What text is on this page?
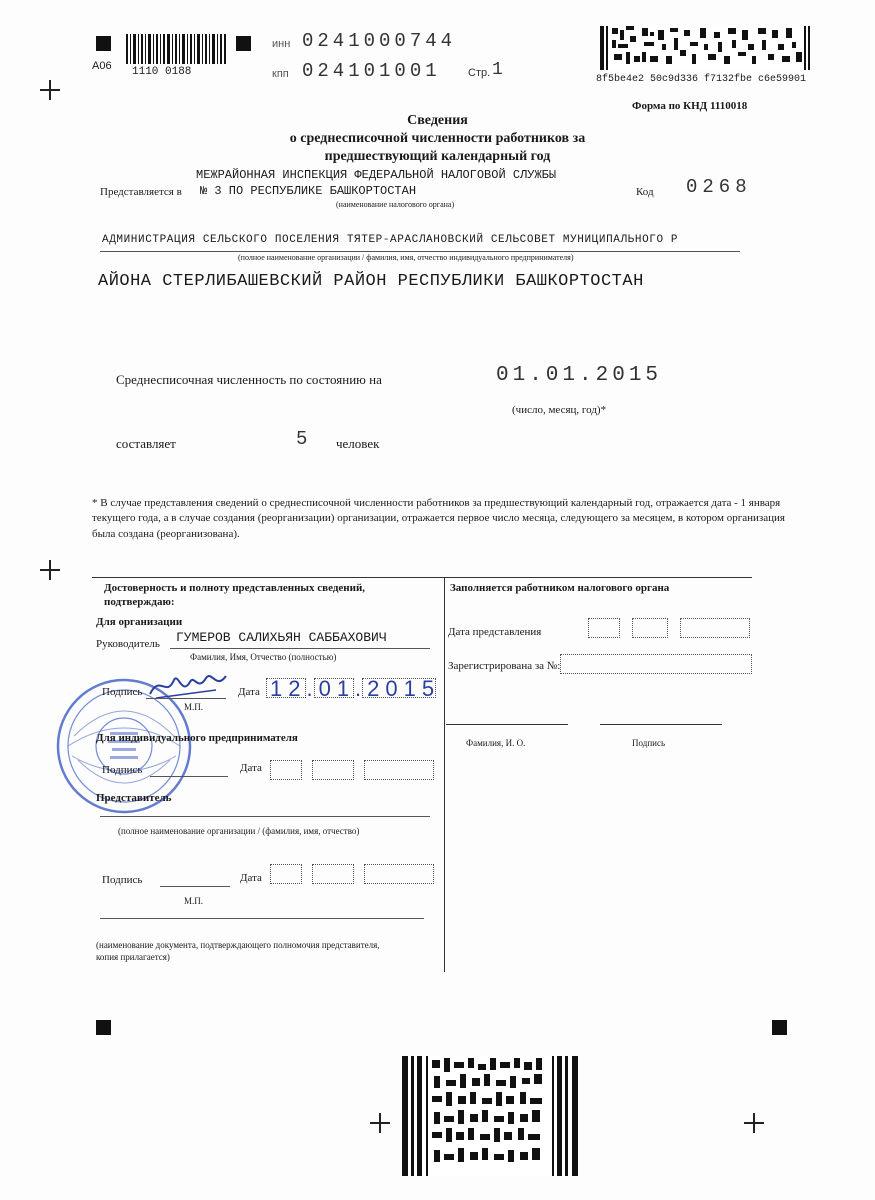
А06 1110 0188
инн 0241000744
кпп 024101001 Стр. 1	8f5be4e2 50c9d336 f7132fbe c6e59901
Форма по КНД 1110018
Сведения
о среднесписочной численности работников за
предшествующий календарный год
МЕЖРАЙОННАЯ ИНСПЕКЦИЯ ФЕДЕРАЛЬНОЙ НАЛОГОВОЙ СЛУЖБЫ
Представляется в № 3 ПО РЕСПУБЛИКЕ БАШКОРТОСТАН
(наименование налогового органа)
Код 0268
АДМИНИСТРАЦИЯ СЕЛЬСКОГО ПОСЕЛЕНИЯ ТЯТЕР-АРАСЛАНОВСКИЙ СЕЛЬСОВЕТ МУНИЦИПАЛЬНОГО Р
(полное наименование организации / фамилия, имя, отчество индивидуального предпринимателя)
АЙОНА СТЕРЛИБАШЕВСКИЙ РАЙОН РЕСПУБЛИКИ БАШКОРТОСТАН
Среднесписочная численность по состоянию на	01.01.2015
(число, месяц, год)*
составляет	5 человек
* В случае представления сведений о среднесписочной численности работников за предшествующий календарный год, отражается дата - 1 января текущего года, а в случае создания (реорганизации) организации, отражается первое число месяца, следующего за месяцем, в котором организация была создана (реорганизована).
Достоверность и полноту представленных сведений,
подтверждаю:
Для организации
Руководитель ГУМЕРОВ САЛИХЬЯН САББАХОВИЧ
Фамилия, Имя, Отчество (полностью)
Подпись
М.П.
Дата 12.01.2015
Для индивидуального предпринимателя
Подпись	Дата
Представитель
(полное наименование организации / (фамилия, имя, отчество)
Подпись	Дата
М.П.
(наименование документа, подтверждающего полномочия представителя,
копия прилагается)
Заполняется работником налогового органа
Дата представления
Зарегистрирована за №:
Фамилия, И. О.	Подпись
